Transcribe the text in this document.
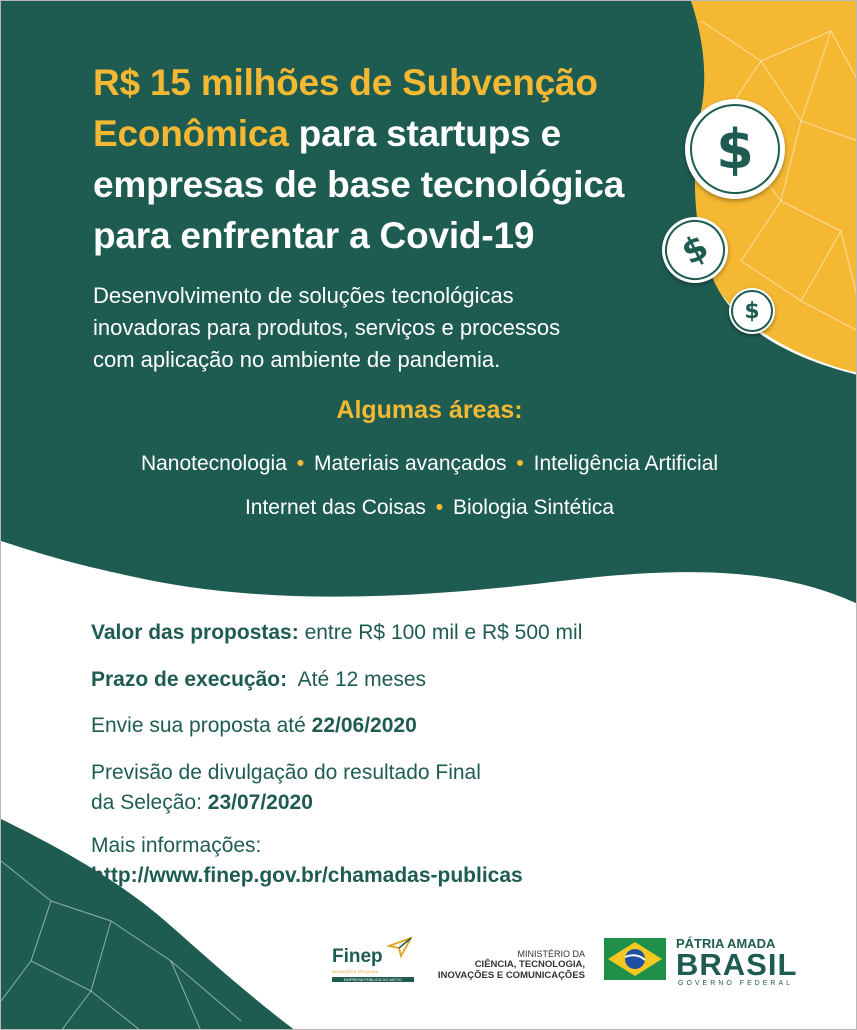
$
$
$
R$ 15 milhões de Subvenção
Econômica para startups e
empresas de base tecnológica
para enfrentar a Covid-19

Desenvolvimento de soluções tecnológicas
inovadoras para produtos, serviços e processos
com aplicação no ambiente de pandemia.

Algumas áreas:
Nanotecnologia • Materiais avançados • Inteligência Artificial
Internet das Coisas • Biologia Sintética
Valor das propostas: entre R$ 100 mil e R$ 500 mil
Prazo de execução:  Até 12 meses
Envie sua proposta até 22/06/2020
Previsão de divulgação do resultado Final
da Seleção: 23/07/2020
Mais informações:
http://www.finep.gov.br/chamadas-publicas
Finep
INOVAÇÃO E PESQUISA
EMPRESA PÚBLICA DO MCTIC
MINISTÉRIO DA
CIÊNCIA, TECNOLOGIA,
INOVAÇÕES E COMUNICAÇÕES
PÁTRIA AMADA
BRASIL
GOVERNO FEDERAL
